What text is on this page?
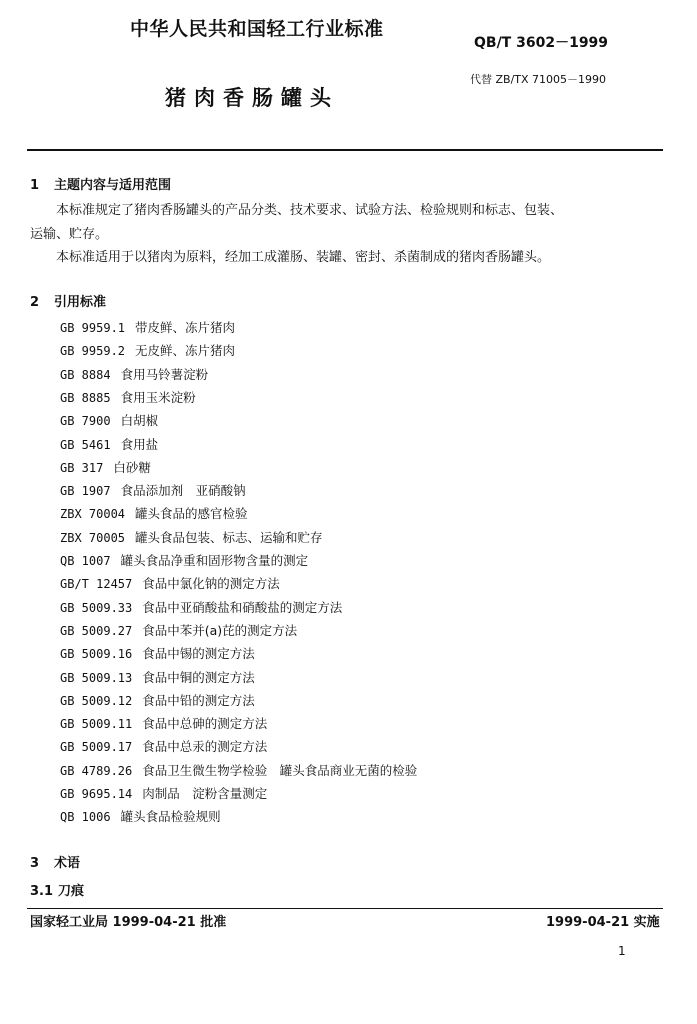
中华人民共和国轻工行业标准
QB/T 3602－1999
代替 ZB/TX 71005－1990
猪肉香肠罐头
1 主题内容与适用范围
本标准规定了猪肉香肠罐头的产品分类、技术要求、试验方法、检验规则和标志、包装、
运输、贮存。
本标准适用于以猪肉为原料，经加工成灌肠、装罐、密封、杀菌制成的猪肉香肠罐头。
2 引用标准
GB 9959.1 带皮鲜、冻片猪肉
GB 9959.2 无皮鲜、冻片猪肉
GB 8884 食用马铃薯淀粉
GB 8885 食用玉米淀粉
GB 7900 白胡椒
GB 5461 食用盐
GB 317 白砂糖
GB 1907 食品添加剂　亚硝酸钠
ZBX 70004 罐头食品的感官检验
ZBX 70005 罐头食品包装、标志、运输和贮存
QB 1007 罐头食品净重和固形物含量的测定
GB/T 12457 食品中氯化钠的测定方法
GB 5009.33 食品中亚硝酸盐和硝酸盐的测定方法
GB 5009.27 食品中苯并(a)芘的测定方法
GB 5009.16 食品中锡的测定方法
GB 5009.13 食品中铜的测定方法
GB 5009.12 食品中铅的测定方法
GB 5009.11 食品中总砷的测定方法
GB 5009.17 食品中总汞的测定方法
GB 4789.26 食品卫生微生物学检验　罐头食品商业无菌的检验
GB 9695.14 肉制品　淀粉含量测定
QB 1006 罐头食品检验规则
3 术语
3.1 刀痕
国家轻工业局 1999-04-21 批准	1999-04-21 实施
1
